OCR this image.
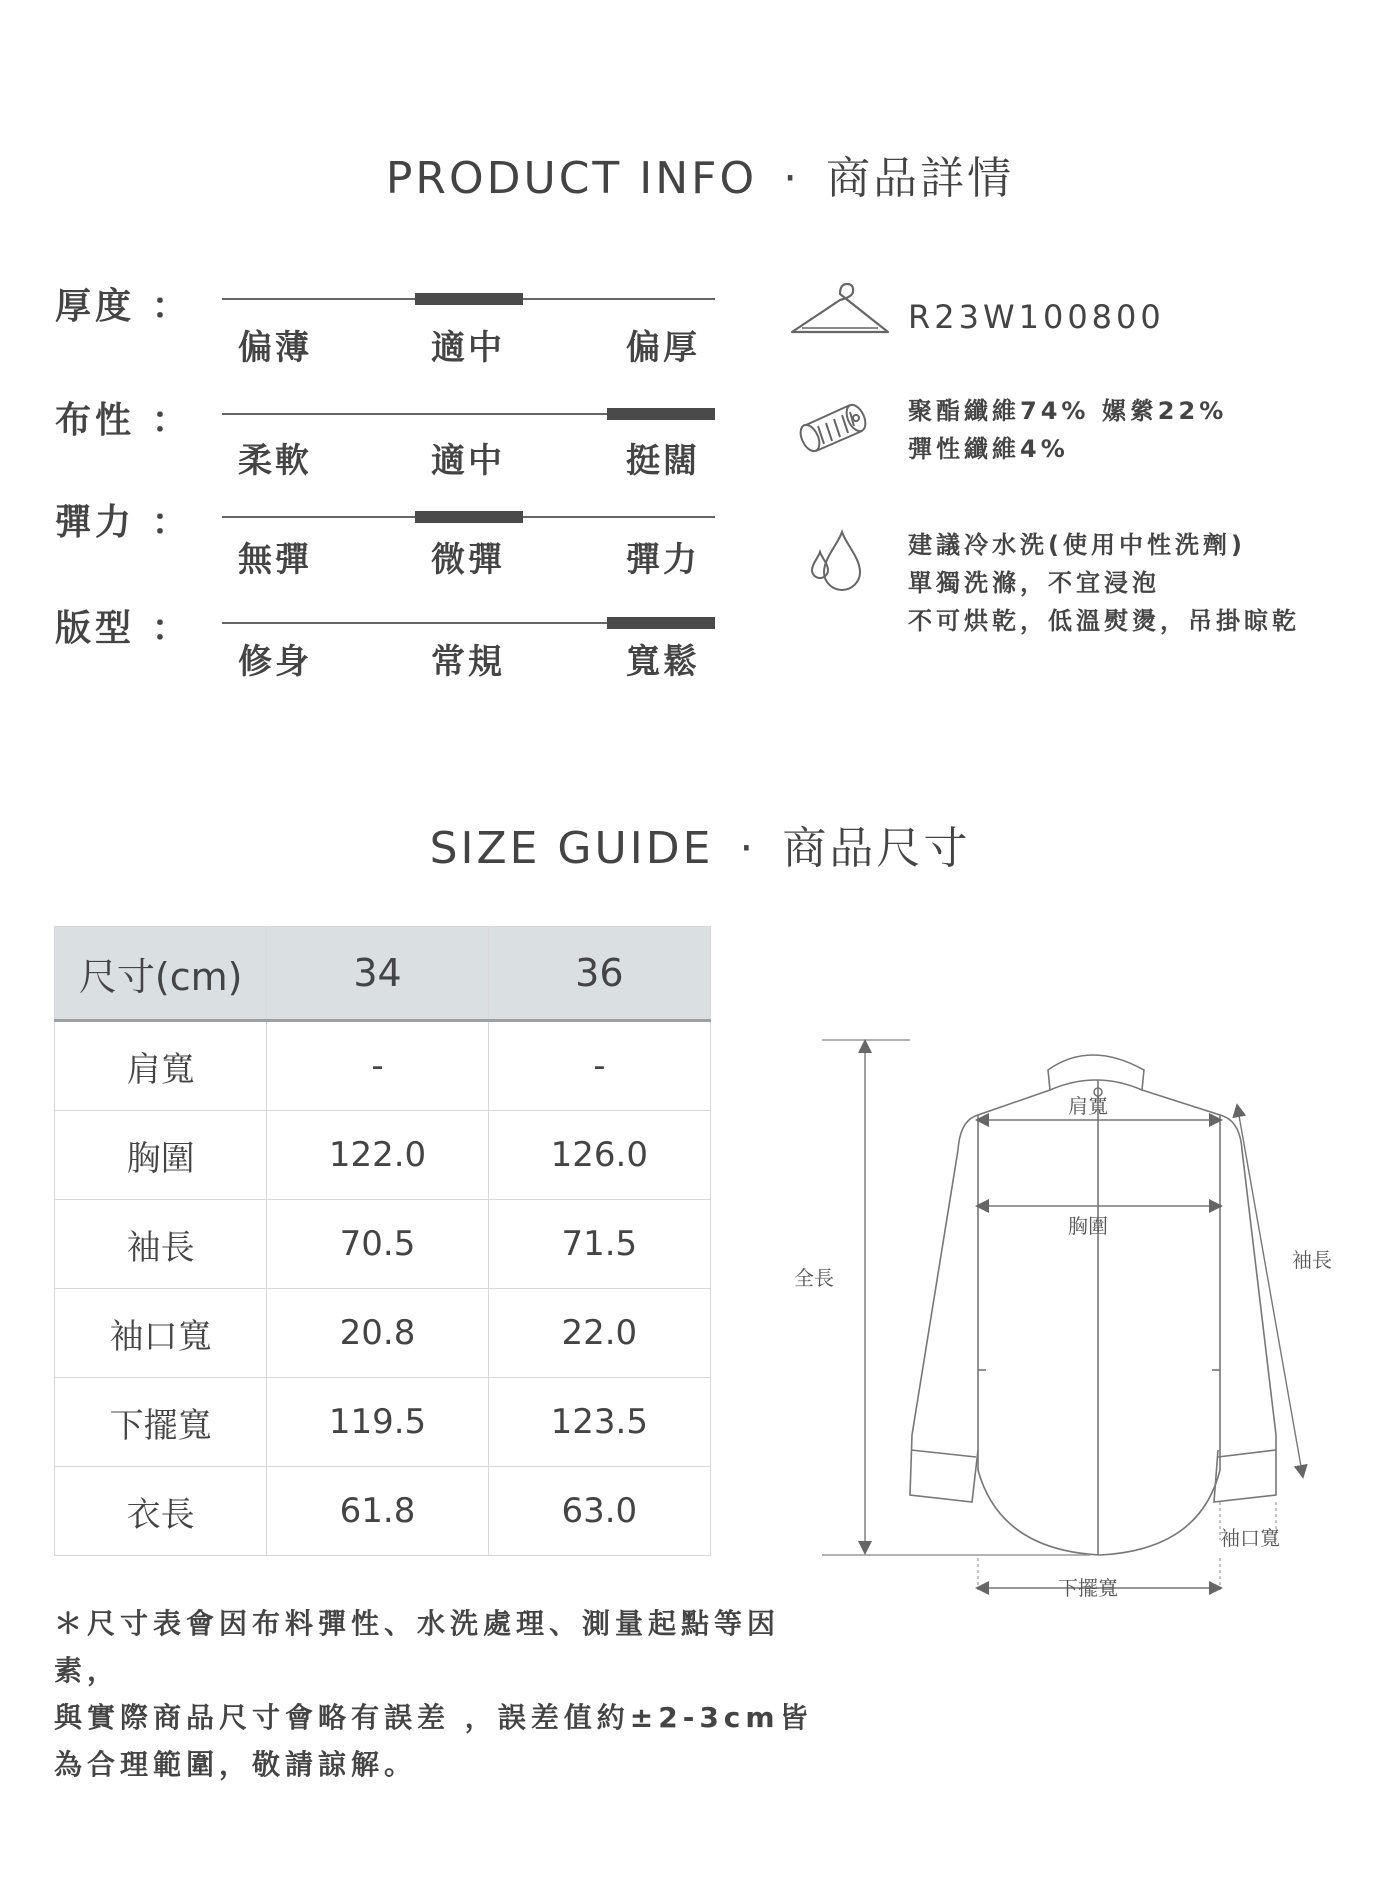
PRODUCT INFO · 商品詳情
厚度 ：
偏薄	適中	偏厚
布性 ：
柔軟	適中	挺闊
彈力 ：
無彈	微彈	彈力
版型 ：
修身	常規	寬鬆
R23W100800
聚酯纖維74% 嫘縈22%
彈性纖維4%
建議冷水洗(使用中性洗劑)
單獨洗滌，不宜浸泡
不可烘乾，低溫熨燙，吊掛晾乾
SIZE GUIDE · 商品尺寸
尺寸(cm)	34	36
肩寬	-	-
胸圍	122.0	126.0
袖長	70.5	71.5
袖口寬	20.8	22.0
下擺寬	119.5	123.5
衣長	61.8	63.0
肩寬
胸圍
全長
袖長
袖口寬
下擺寬
＊尺寸表會因布料彈性、水洗處理、測量起點等因素，
與實際商品尺寸會略有誤差 ，誤差值約±2-3cm皆
為合理範圍，敬請諒解。
